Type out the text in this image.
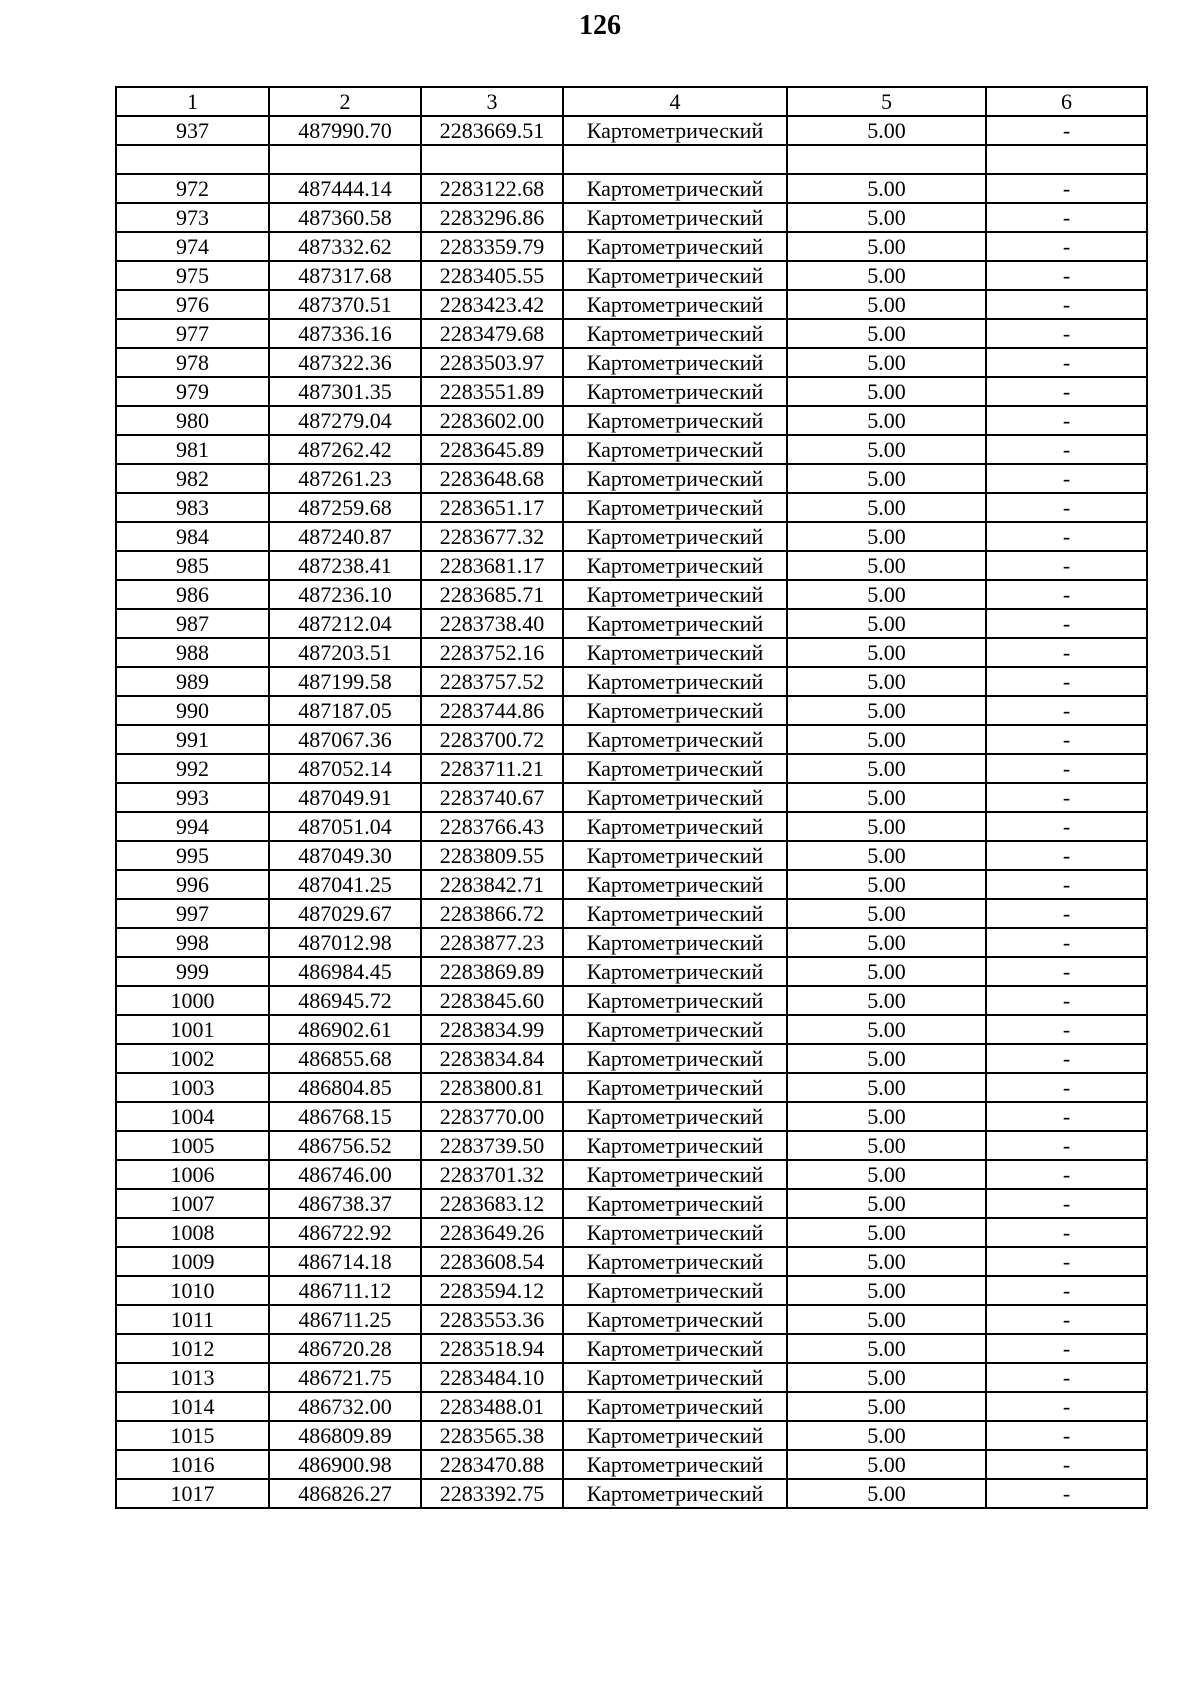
126
1	2	3	4	5	6
937	487990.70	2283669.51	Картометрический	5.00	-

972	487444.14	2283122.68	Картометрический	5.00	-
973	487360.58	2283296.86	Картометрический	5.00	-
974	487332.62	2283359.79	Картометрический	5.00	-
975	487317.68	2283405.55	Картометрический	5.00	-
976	487370.51	2283423.42	Картометрический	5.00	-
977	487336.16	2283479.68	Картометрический	5.00	-
978	487322.36	2283503.97	Картометрический	5.00	-
979	487301.35	2283551.89	Картометрический	5.00	-
980	487279.04	2283602.00	Картометрический	5.00	-
981	487262.42	2283645.89	Картометрический	5.00	-
982	487261.23	2283648.68	Картометрический	5.00	-
983	487259.68	2283651.17	Картометрический	5.00	-
984	487240.87	2283677.32	Картометрический	5.00	-
985	487238.41	2283681.17	Картометрический	5.00	-
986	487236.10	2283685.71	Картометрический	5.00	-
987	487212.04	2283738.40	Картометрический	5.00	-
988	487203.51	2283752.16	Картометрический	5.00	-
989	487199.58	2283757.52	Картометрический	5.00	-
990	487187.05	2283744.86	Картометрический	5.00	-
991	487067.36	2283700.72	Картометрический	5.00	-
992	487052.14	2283711.21	Картометрический	5.00	-
993	487049.91	2283740.67	Картометрический	5.00	-
994	487051.04	2283766.43	Картометрический	5.00	-
995	487049.30	2283809.55	Картометрический	5.00	-
996	487041.25	2283842.71	Картометрический	5.00	-
997	487029.67	2283866.72	Картометрический	5.00	-
998	487012.98	2283877.23	Картометрический	5.00	-
999	486984.45	2283869.89	Картометрический	5.00	-
1000	486945.72	2283845.60	Картометрический	5.00	-
1001	486902.61	2283834.99	Картометрический	5.00	-
1002	486855.68	2283834.84	Картометрический	5.00	-
1003	486804.85	2283800.81	Картометрический	5.00	-
1004	486768.15	2283770.00	Картометрический	5.00	-
1005	486756.52	2283739.50	Картометрический	5.00	-
1006	486746.00	2283701.32	Картометрический	5.00	-
1007	486738.37	2283683.12	Картометрический	5.00	-
1008	486722.92	2283649.26	Картометрический	5.00	-
1009	486714.18	2283608.54	Картометрический	5.00	-
1010	486711.12	2283594.12	Картометрический	5.00	-
1011	486711.25	2283553.36	Картометрический	5.00	-
1012	486720.28	2283518.94	Картометрический	5.00	-
1013	486721.75	2283484.10	Картометрический	5.00	-
1014	486732.00	2283488.01	Картометрический	5.00	-
1015	486809.89	2283565.38	Картометрический	5.00	-
1016	486900.98	2283470.88	Картометрический	5.00	-
1017	486826.27	2283392.75	Картометрический	5.00	-
